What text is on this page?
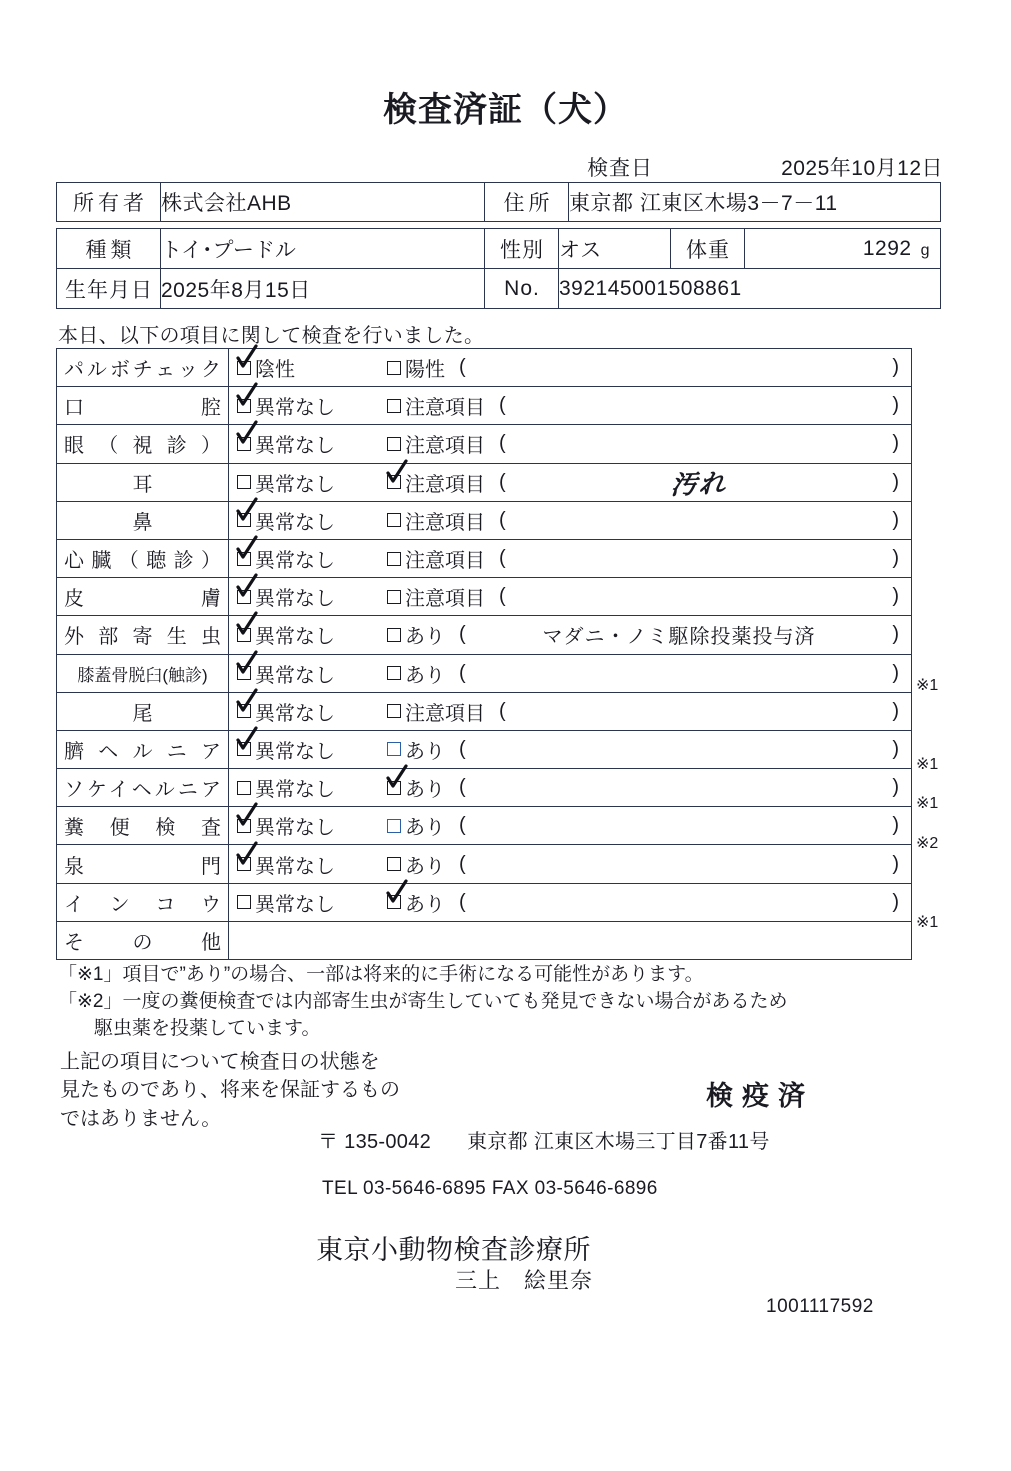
検査済証（犬）
検査日	2025年10月12日
所有者	株式会社AHB	住所	東京都 江東区木場3－7－11
種類	トイ･プードル	性別	オス	体重	1292 g
生年月日	2025年8月15日	No.	392145001508861		
本日、以下の項目に関して検査を行いました。
パルボチェック	陰性 陽性 ( )

口　　　　腔	異常なし 注意項目 ( )

眼（視診）	異常なし 注意項目 ( )

耳	異常なし 注意項目 ( 汚れ )

鼻	異常なし 注意項目 ( )

心臓（聴診）	異常なし 注意項目 ( )

皮　　　　膚	異常なし 注意項目 ( )

外部寄生虫	異常なし あり ( マダニ・ノミ駆除投薬投与済 )

膝蓋骨脱臼(触診)	異常なし あり ( )

尾	異常なし 注意項目 ( )

臍ヘルニア	異常なし あり ( )

ソケイヘルニア	異常なし あり ( )

糞便検査	異常なし あり ( )

泉　　　　門	異常なし あり ( )

インコウ	異常なし あり ( )

その他	
※1
※1
※1
※2
※1
「※1」項目で”あり”の場合、一部は将来的に手術になる可能性があります。
「※2」一度の糞便検査では内部寄生虫が寄生していても発見できない場合があるため
駆虫薬を投薬しています。
上記の項目について検査日の状態を
見たものであり、将来を保証するもの
ではありません。
検疫済
〒 135-0042 東京都 江東区木場三丁目7番11号
TEL 03-5646-6895 FAX 03-5646-6896
東京小動物検査診療所
三上　絵里奈
1001117592
